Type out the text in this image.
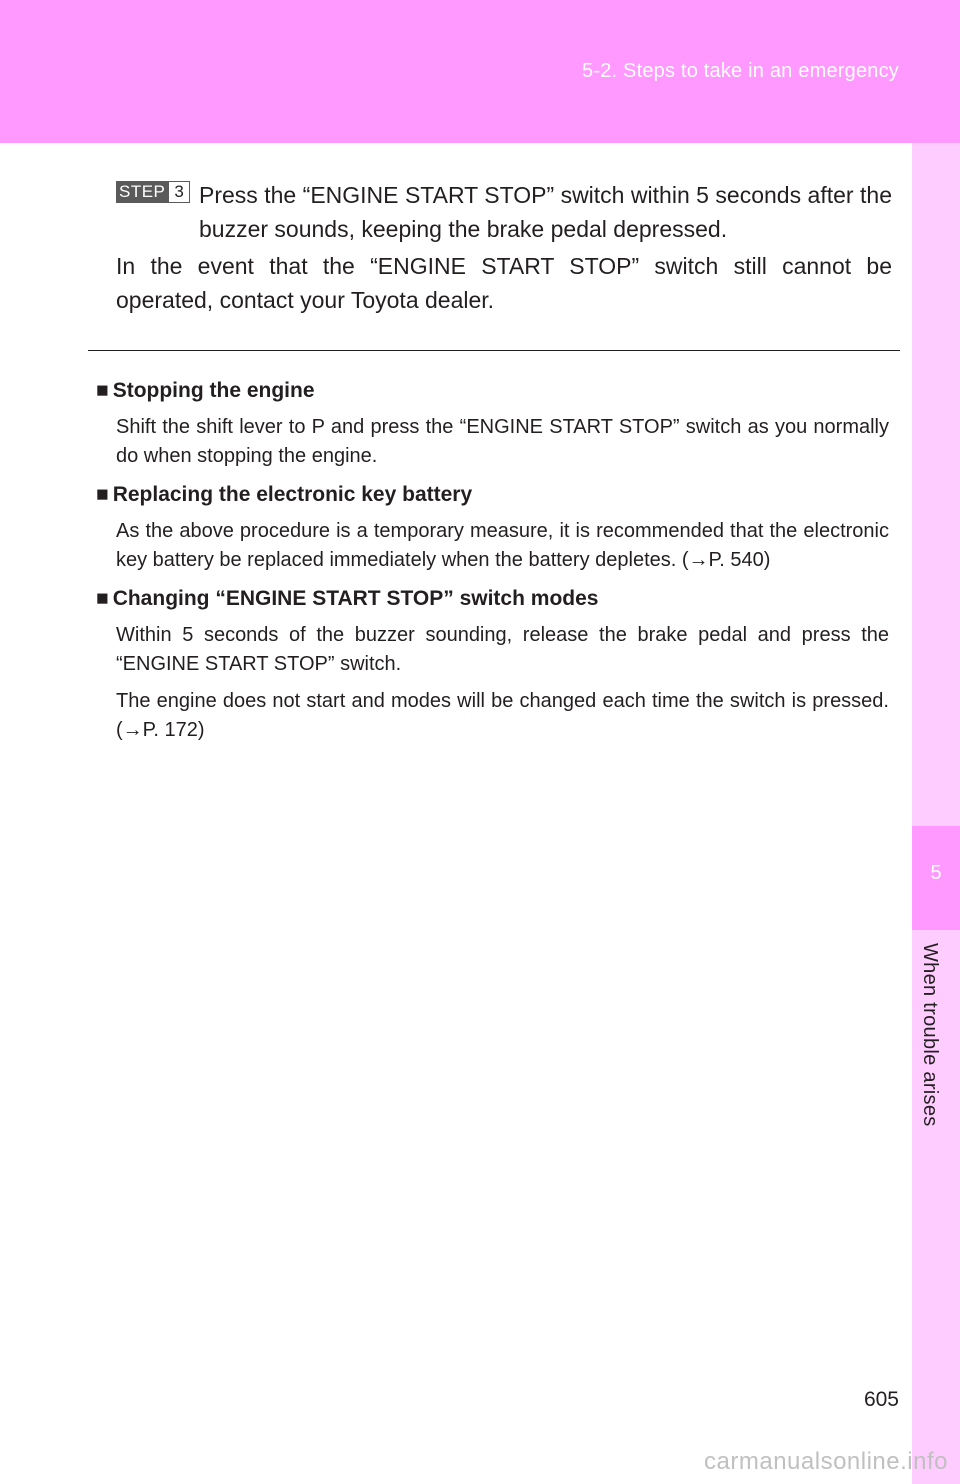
5-2. Steps to take in an emergency
5
When trouble arises
STEP 3 Press the “ENGINE START STOP” switch within 5 seconds after the buzzer sounds, keeping the brake pedal depressed.

In the event that the “ENGINE START STOP” switch still cannot be operated, contact your Toyota dealer.

■ Stopping the engine

Shift the shift lever to P and press the “ENGINE START STOP” switch as you normally do when stopping the engine.

■ Replacing the electronic key battery

As the above procedure is a temporary measure, it is recommended that the electronic key battery be replaced immediately when the battery depletes. (→P. 540)

■ Changing “ENGINE START STOP” switch modes

Within 5 seconds of the buzzer sounding, release the brake pedal and press the “ENGINE START STOP” switch.

The engine does not start and modes will be changed each time the switch is pressed. (→P. 172)

605
carmanualsonline.info
